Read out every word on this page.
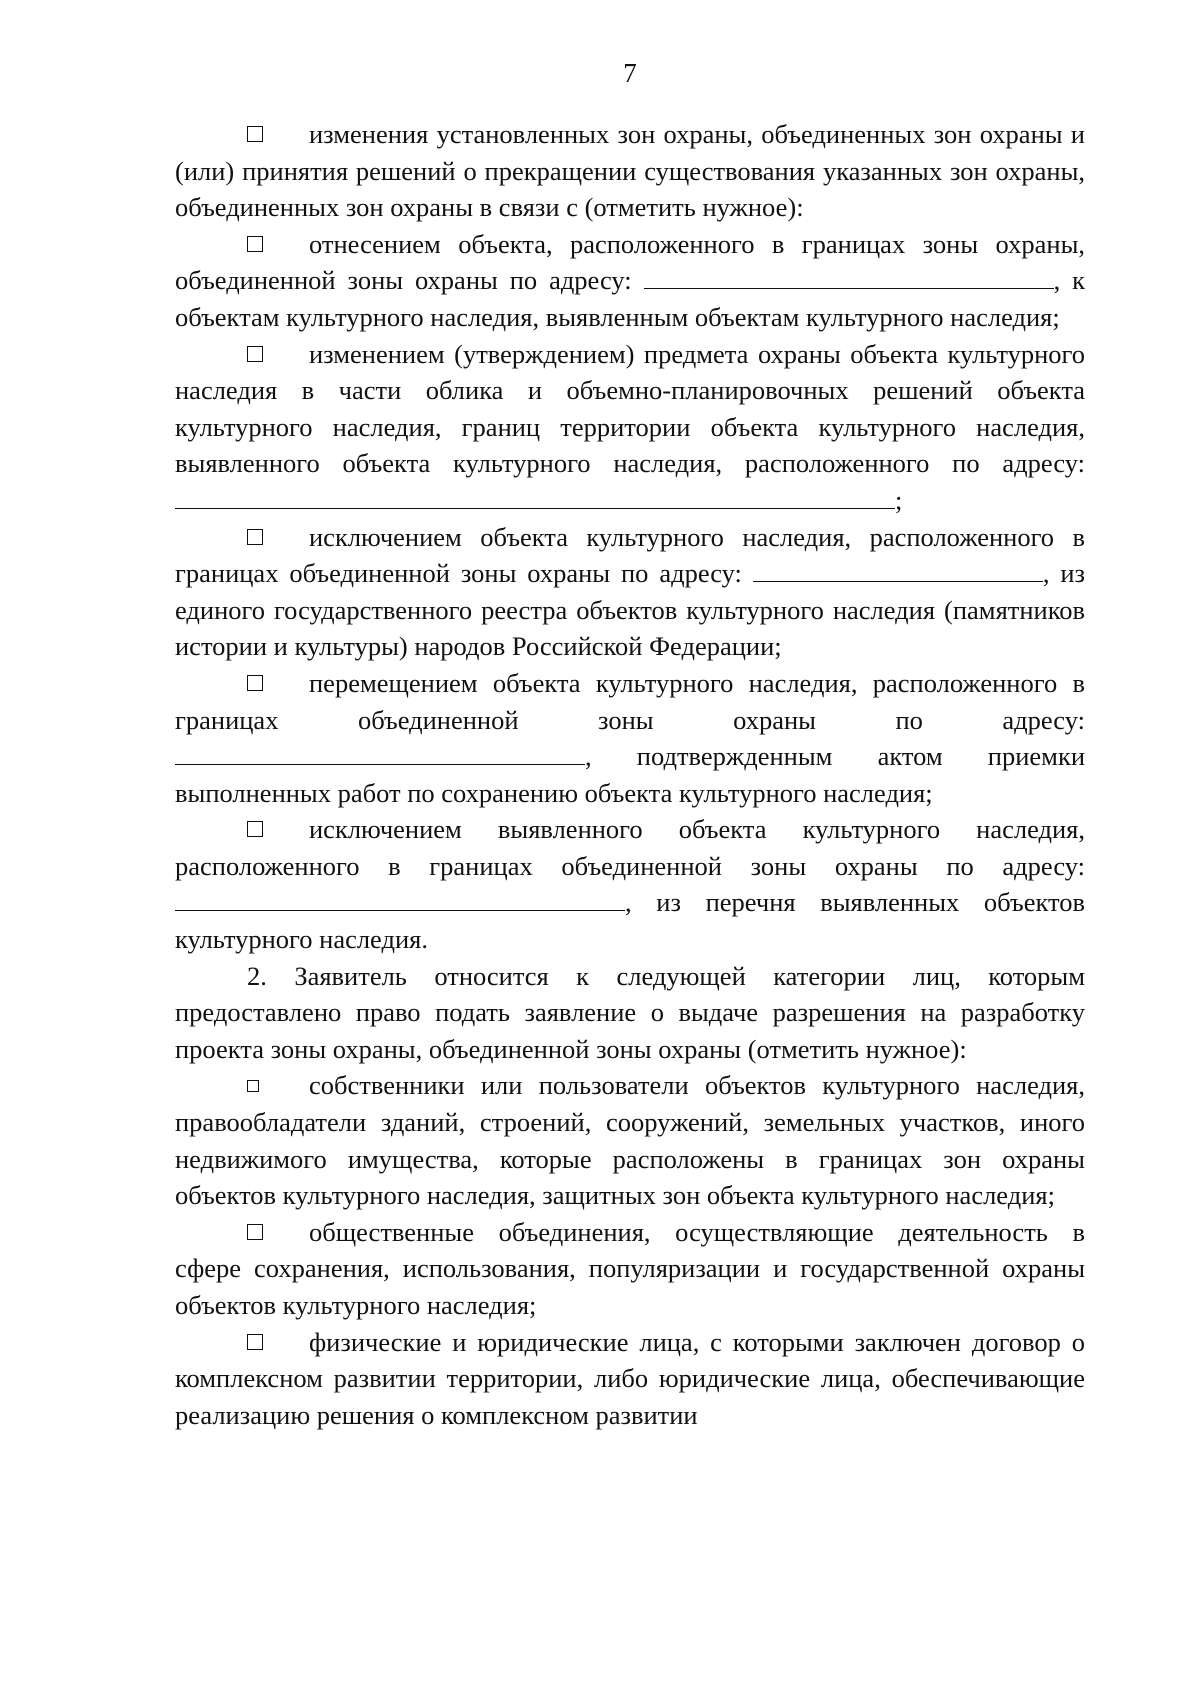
7

изменения установленных зон охраны, объединенных зон охраны и (или) принятия решений о прекращении существования указанных зон охраны, объединенных зон охраны в связи с (отметить нужное):

отнесением объекта, расположенного в границах зоны охраны, объединенной зоны охраны по адресу:	, к объектам культурного наследия, выявленным объектам культурного наследия;

изменением (утверждением) предмета охраны объекта культурного наследия в части облика и объемно-планировочных решений объекта культурного наследия, границ территории объекта культурного наследия, выявленного объекта культурного наследия, расположенного по адресу: ;

исключением объекта культурного наследия, расположенного в границах объединенной зоны охраны по адресу:	, из единого государственного реестра объектов культурного наследия (памятников истории и культуры) народов Российской Федерации;

перемещением объекта культурного наследия, расположенного в границах объединенной зоны охраны по адресу: , подтвержденным актом приемки выполненных работ по сохранению объекта культурного наследия;

исключением выявленного объекта культурного наследия, расположенного в границах объединенной зоны охраны по адресу: , из перечня выявленных объектов культурного наследия.

2. Заявитель относится к следующей категории лиц, которым предоставлено право подать заявление о выдаче разрешения на разработку проекта зоны охраны, объединенной зоны охраны (отметить нужное):

собственники или пользователи объектов культурного наследия, правообладатели зданий, строений, сооружений, земельных участков, иного недвижимого имущества, которые расположены в границах зон охраны объектов культурного наследия, защитных зон объекта культурного наследия;

общественные объединения, осуществляющие деятельность в сфере сохранения, использования, популяризации и государственной охраны объектов культурного наследия;

физические и юридические лица, с которыми заключен договор о комплексном развитии территории, либо юридические лица, обеспечивающие реализацию решения о комплексном развитии
